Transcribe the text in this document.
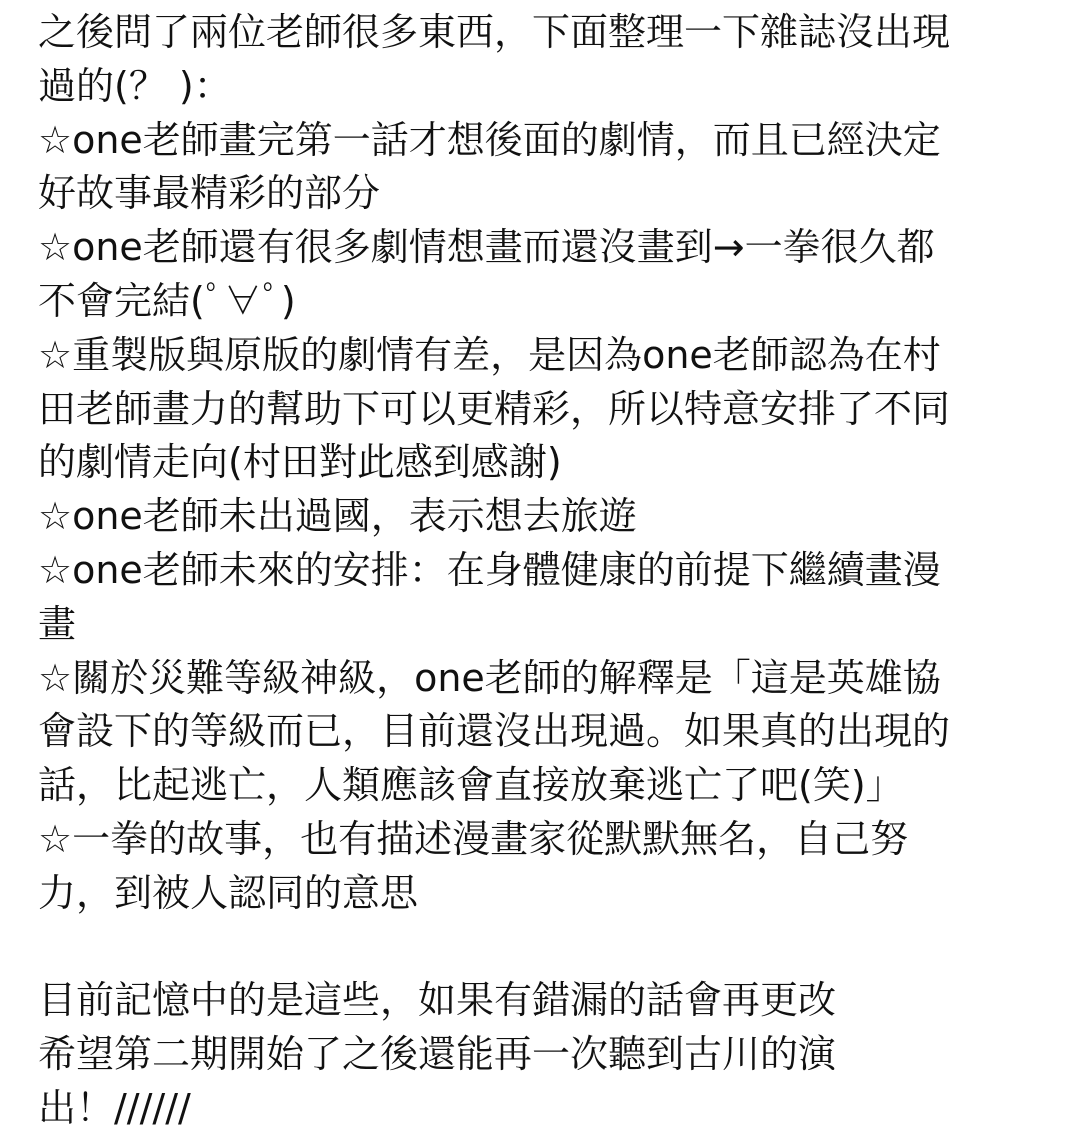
之後問了兩位老師很多東西，下面整理一下雜誌沒出現
過的(？ )：
☆one老師畫完第一話才想後面的劇情，而且已經決定
好故事最精彩的部分
☆one老師還有很多劇情想畫而還沒畫到→一拳很久都
不會完結(ﾟ∀ﾟ)
☆重製版與原版的劇情有差，是因為one老師認為在村
田老師畫力的幫助下可以更精彩，所以特意安排了不同
的劇情走向(村田對此感到感謝)
☆one老師未出過國，表示想去旅遊
☆one老師未來的安排：在身體健康的前提下繼續畫漫
畫
☆關於災難等級神級，one老師的解釋是「這是英雄協
會設下的等級而已，目前還沒出現過。如果真的出現的
話，比起逃亡，人類應該會直接放棄逃亡了吧(笑)」
☆一拳的故事，也有描述漫畫家從默默無名，自己努
力，到被人認同的意思
目前記憶中的是這些，如果有錯漏的話會再更改
希望第二期開始了之後還能再一次聽到古川的演
出！//////
